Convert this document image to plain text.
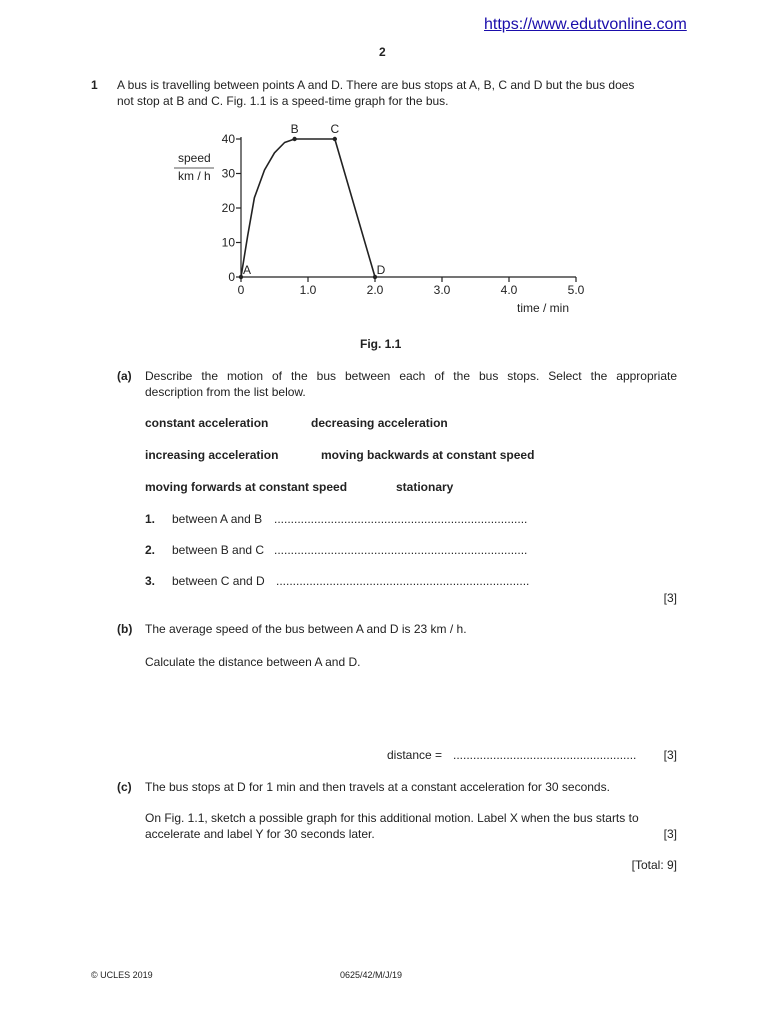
https://www.edutvonline.com
2
1 A bus is travelling between points A and D. There are bus stops at A, B, C and D but the bus does
not stop at B and C. Fig. 1.1 is a speed-time graph for the bus.
0	1.0	2.0	3.0	4.0	5.0
0
10
20
30
40
A
B	C
D
speed
km / h
time / min
Fig. 1.1
(a) Describe the motion of the bus between each of the bus stops. Select the appropriate
description from the list below.
constant acceleration	decreasing acceleration
increasing acceleration	moving backwards at constant speed
moving forwards at constant speed	stationary
1. between A and B ............................................................................
2. between B and C ............................................................................
3. between C and D ............................................................................
[3]
(b) The average speed of the bus between A and D is 23 km / h.
Calculate the distance between A and D.
distance = ....................................................... [3]
(c) The bus stops at D for 1 min and then travels at a constant acceleration for 30 seconds.
On Fig. 1.1, sketch a possible graph for this additional motion. Label X when the bus starts to
accelerate and label Y for 30 seconds later.	[3]
[Total: 9]
© UCLES 2019	0625/42/M/J/19
